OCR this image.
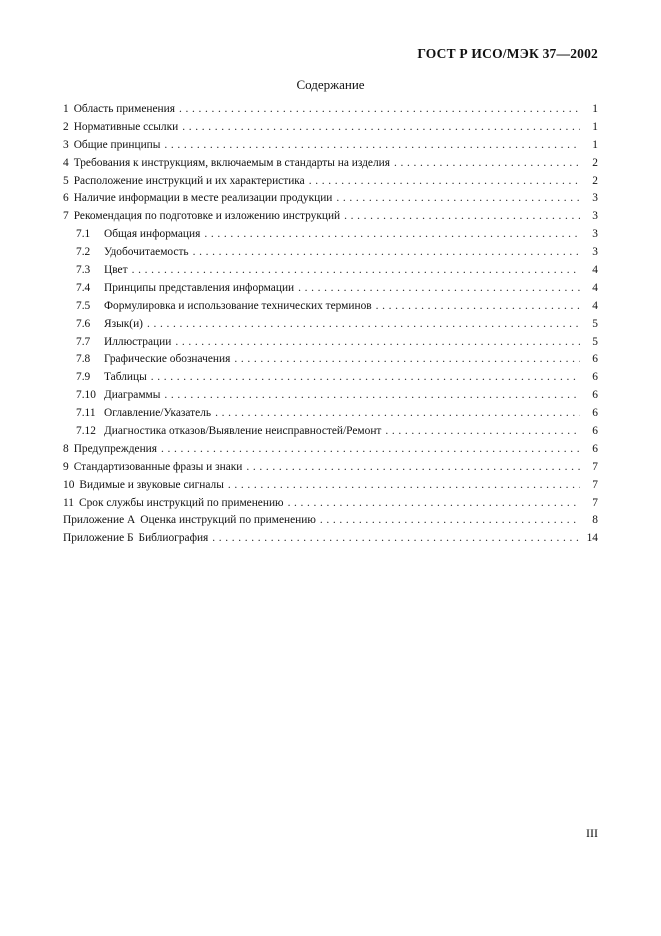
ГОСТ Р ИСО/МЭК 37—2002
Содержание
1 Область применения . . .	1
2 Нормативные ссылки . . .	1
3 Общие принципы . . .	1
4 Требования к инструкциям, включаемым в стандарты на изделия . . .	2
5 Расположение инструкций и их характеристика . . .	2
6 Наличие информации в месте реализации продукции . . .	3
7 Рекомендация по подготовке и изложению инструкций . . .	3
7.1	Общая информация . . .	3
7.2	Удобочитаемость . . .	3
7.3	Цвет . . .	4
7.4	Принципы представления информации . . .	4
7.5	Формулировка и использование технических терминов . . .	4
7.6	Язык(и) . . .	5
7.7	Иллюстрации . . .	5
7.8	Графические обозначения . . .	6
7.9	Таблицы . . .	6
7.10 Диаграммы . . .	6
7.11 Оглавление/Указатель . . .	6
7.12 Диагностика отказов/Выявление неисправностей/Ремонт . . .	6
8 Предупреждения . . .	6
9 Стандартизованные фразы и знаки . . .	7
10 Видимые и звуковые сигналы . . .	7
11 Срок службы инструкций по применению . . .	7
Приложение А Оценка инструкций по применению . . .	8
Приложение Б Библиография . . .	14
III
